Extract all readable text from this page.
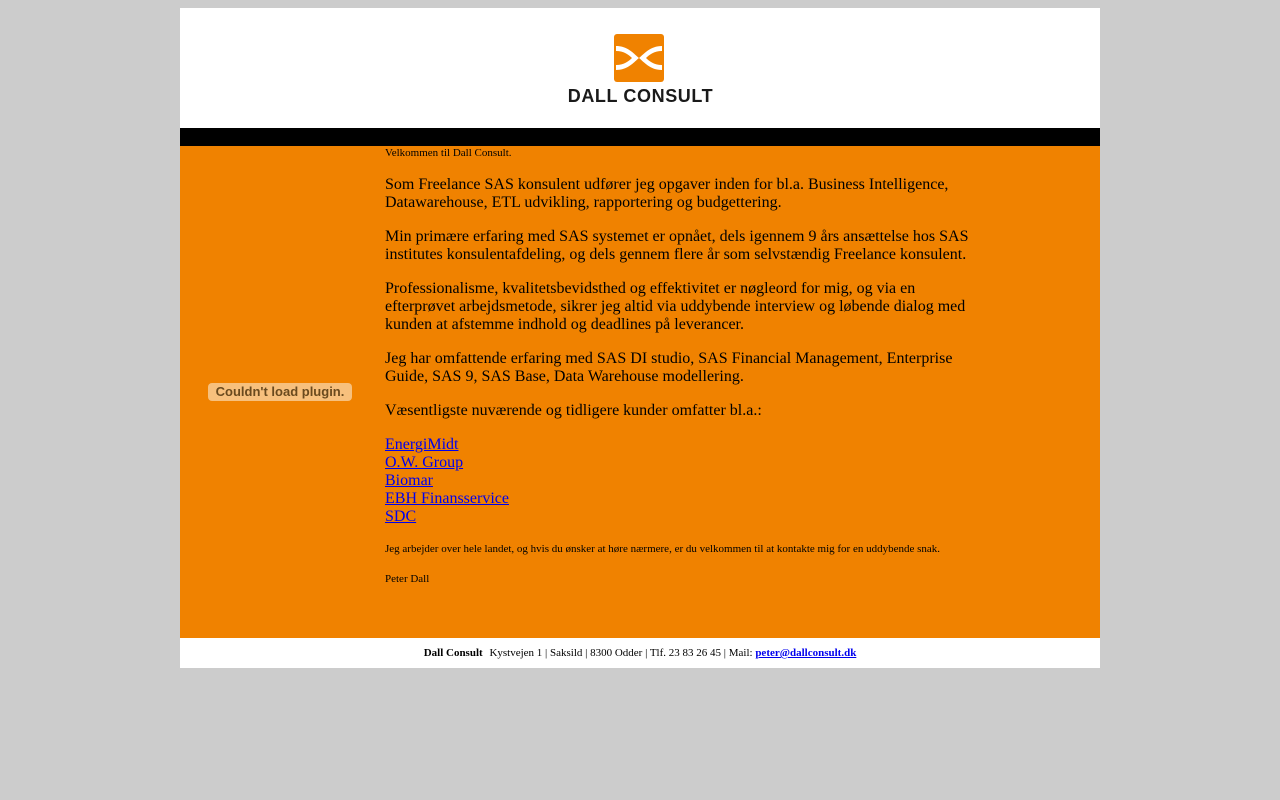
DALL CONSULT
Couldn't load plugin.

Velkommen til Dall Consult.

Som Freelance SAS konsulent udfører jeg opgaver inden for bl.a. Business Intelligence, Datawarehouse, ETL udvikling, rapportering og budgettering.

Min primære erfaring med SAS systemet er opnået, dels igennem 9 års ansættelse hos SAS institutes konsulentafdeling, og dels gennem flere år som selvstændig Freelance konsulent.

Professionalisme, kvalitetsbevidsthed og effektivitet er nøgleord for mig, og via en efterprøvet arbejdsmetode, sikrer jeg altid via uddybende interview og løbende dialog med kunden at afstemme indhold og deadlines på leverancer.

Jeg har omfattende erfaring med SAS DI studio, SAS Financial Management, Enterprise Guide, SAS 9, SAS Base, Data Warehouse modellering.

Væsentligste nuværende og tidligere kunder omfatter bl.a.:

EnergiMidt
O.W. Group
Biomar
EBH Finansservice
SDC

Jeg arbejder over hele landet, og hvis du ønsker at høre nærmere, er du velkommen til at kontakte mig for en uddybende snak.

Peter Dall

Dall Consult Kystvejen 1 | Saksild | 8300 Odder | Tlf. 23 83 26 45 | Mail: peter@dallconsult.dk
